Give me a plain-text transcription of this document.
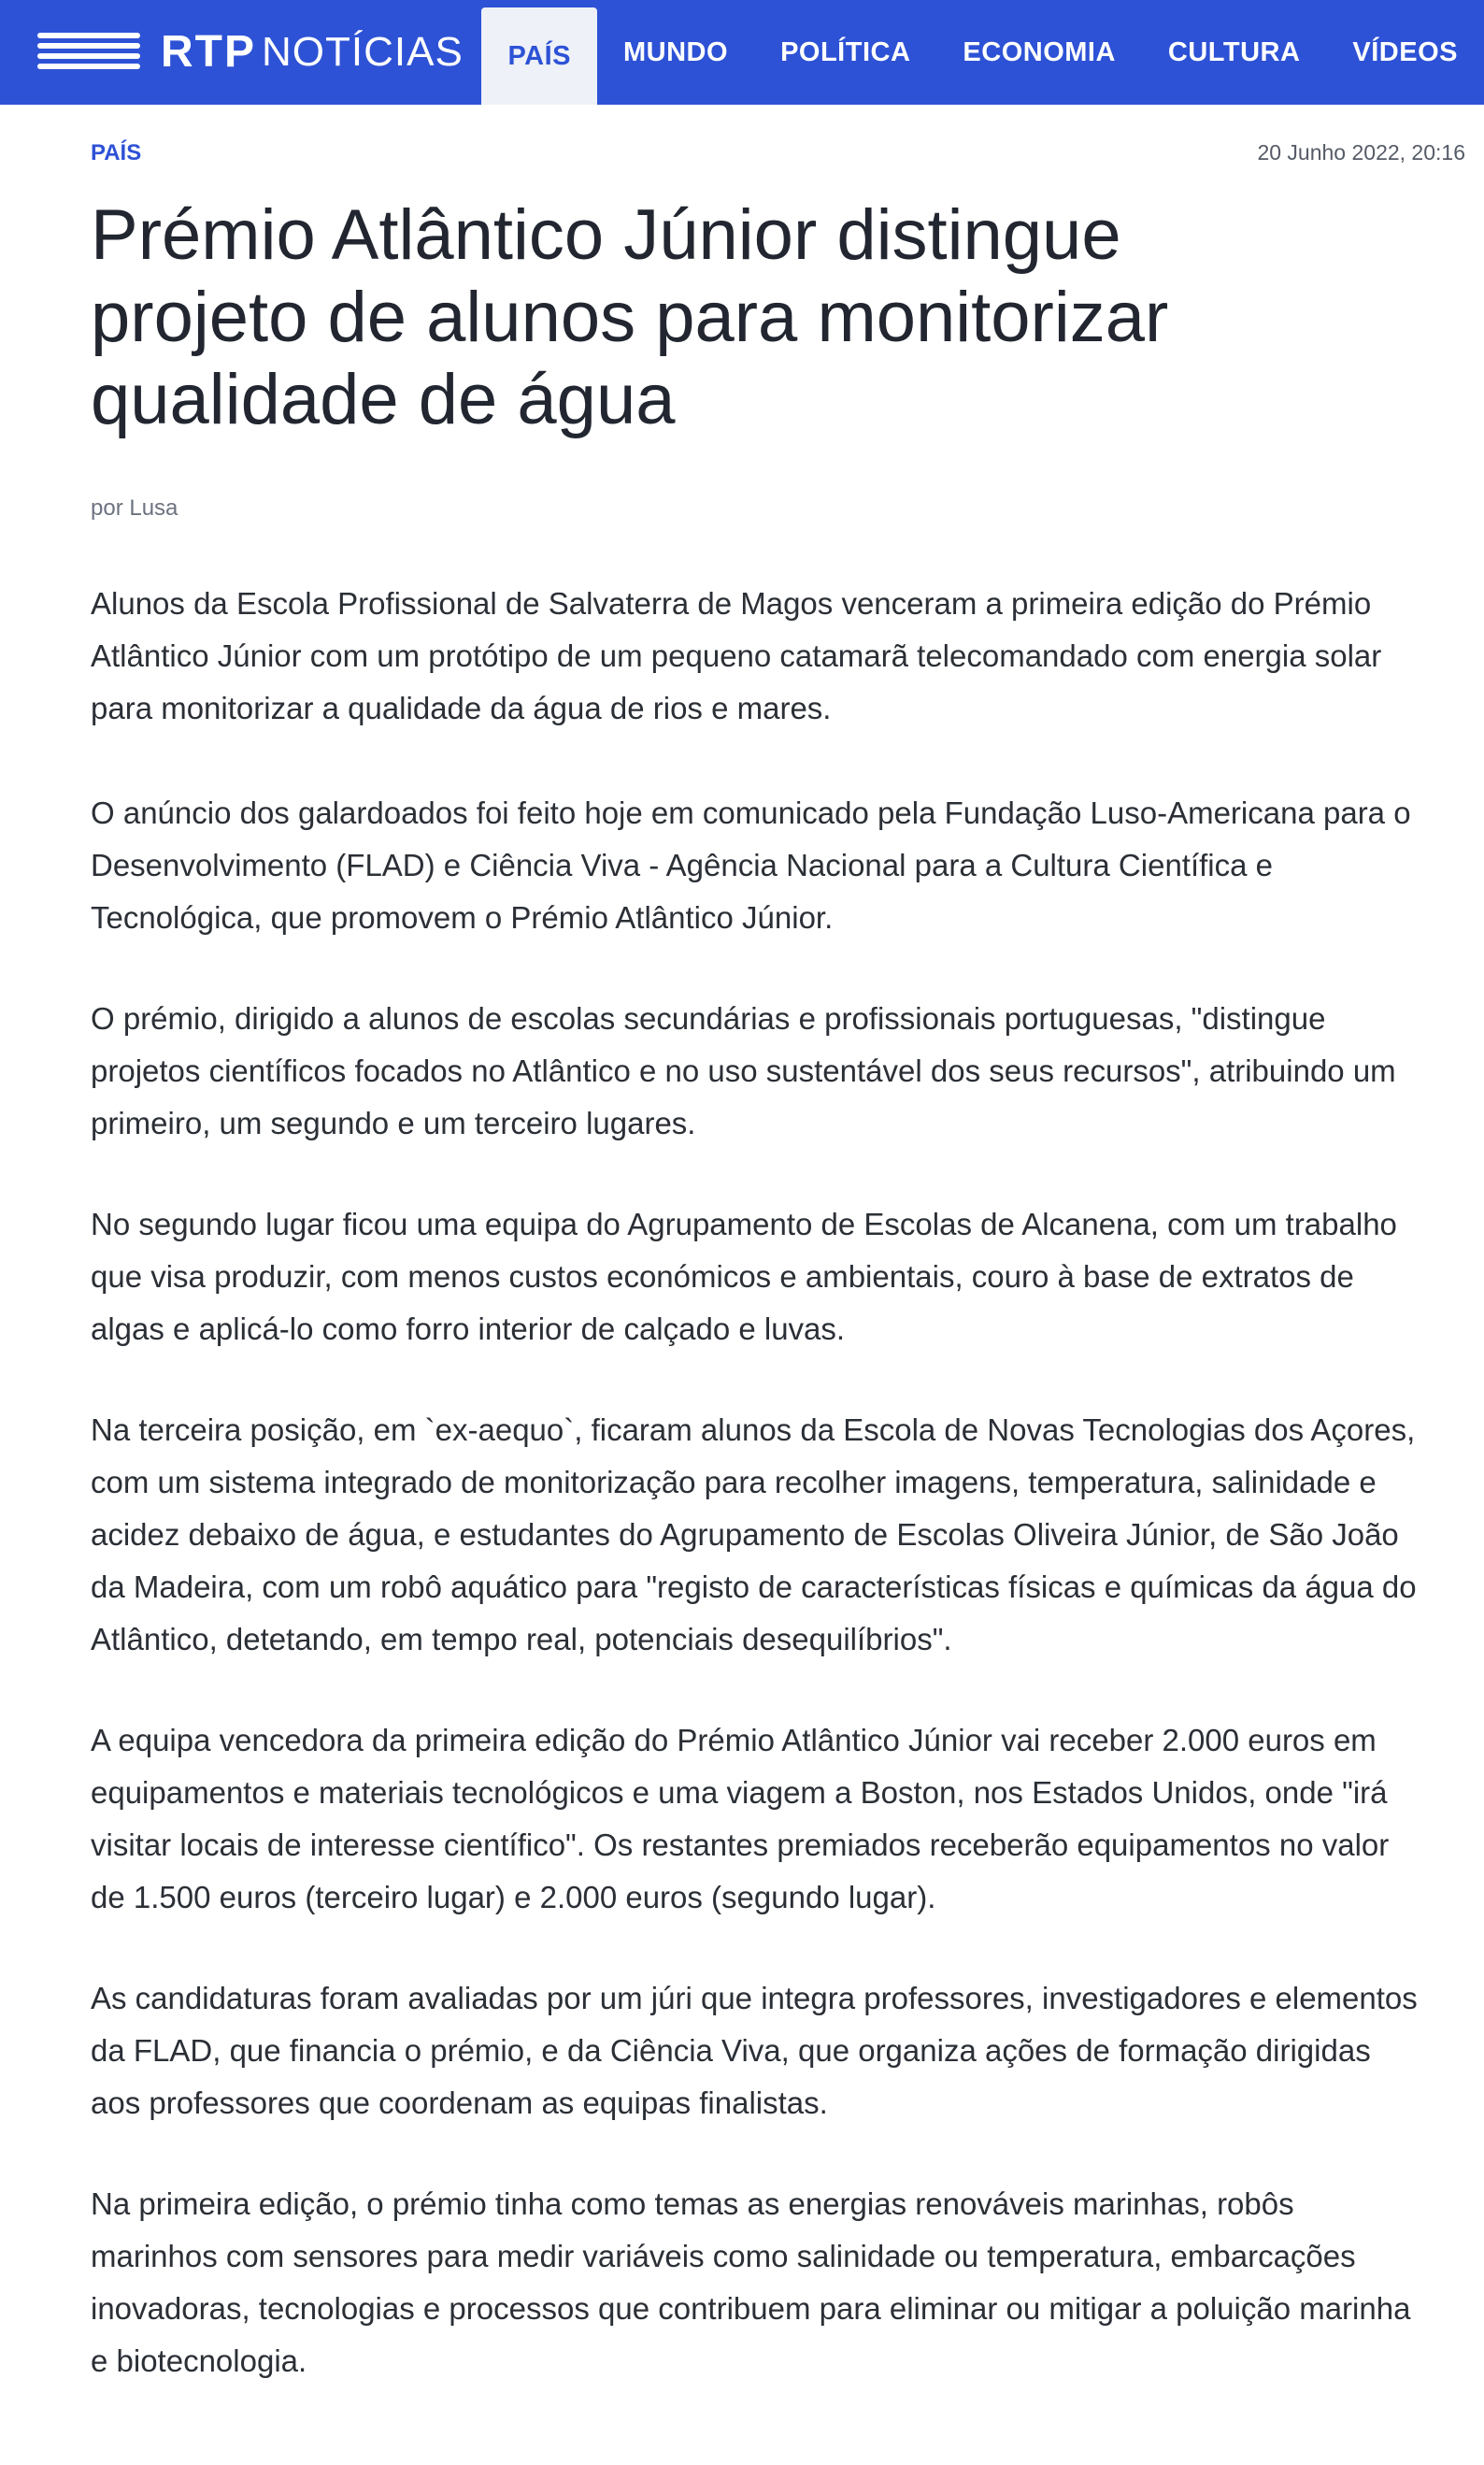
RTP NOTÍCIAS	PAÍS	MUNDO	POLÍTICA	ECONOMIA	CULTURA	VÍDEOS
PAÍS	20 Junho 2022, 20:16
Prémio Atlântico Júnior distingue projeto de alunos para monitorizar qualidade de água
por Lusa

Alunos da Escola Profissional de Salvaterra de Magos venceram a primeira edição do Prémio Atlântico Júnior com um protótipo de um pequeno catamarã telecomandado com energia solar para monitorizar a qualidade da água de rios e mares.

O anúncio dos galardoados foi feito hoje em comunicado pela Fundação Luso-Americana para o Desenvolvimento (FLAD) e Ciência Viva - Agência Nacional para a Cultura Científica e Tecnológica, que promovem o Prémio Atlântico Júnior.

O prémio, dirigido a alunos de escolas secundárias e profissionais portuguesas, "distingue projetos científicos focados no Atlântico e no uso sustentável dos seus recursos", atribuindo um primeiro, um segundo e um terceiro lugares.

No segundo lugar ficou uma equipa do Agrupamento de Escolas de Alcanena, com um trabalho que visa produzir, com menos custos económicos e ambientais, couro à base de extratos de algas e aplicá-lo como forro interior de calçado e luvas.

Na terceira posição, em `ex-aequo`, ficaram alunos da Escola de Novas Tecnologias dos Açores, com um sistema integrado de monitorização para recolher imagens, temperatura, salinidade e acidez debaixo de água, e estudantes do Agrupamento de Escolas Oliveira Júnior, de São João da Madeira, com um robô aquático para "registo de características físicas e químicas da água do Atlântico, detetando, em tempo real, potenciais desequilíbrios".

A equipa vencedora da primeira edição do Prémio Atlântico Júnior vai receber 2.000 euros em equipamentos e materiais tecnológicos e uma viagem a Boston, nos Estados Unidos, onde "irá visitar locais de interesse científico". Os restantes premiados receberão equipamentos no valor de 1.500 euros (terceiro lugar) e 2.000 euros (segundo lugar).

As candidaturas foram avaliadas por um júri que integra professores, investigadores e elementos da FLAD, que financia o prémio, e da Ciência Viva, que organiza ações de formação dirigidas aos professores que coordenam as equipas finalistas.

Na primeira edição, o prémio tinha como temas as energias renováveis marinhas, robôs marinhos com sensores para medir variáveis como salinidade ou temperatura, embarcações inovadoras, tecnologias e processos que contribuem para eliminar ou mitigar a poluição marinha e biotecnologia.
